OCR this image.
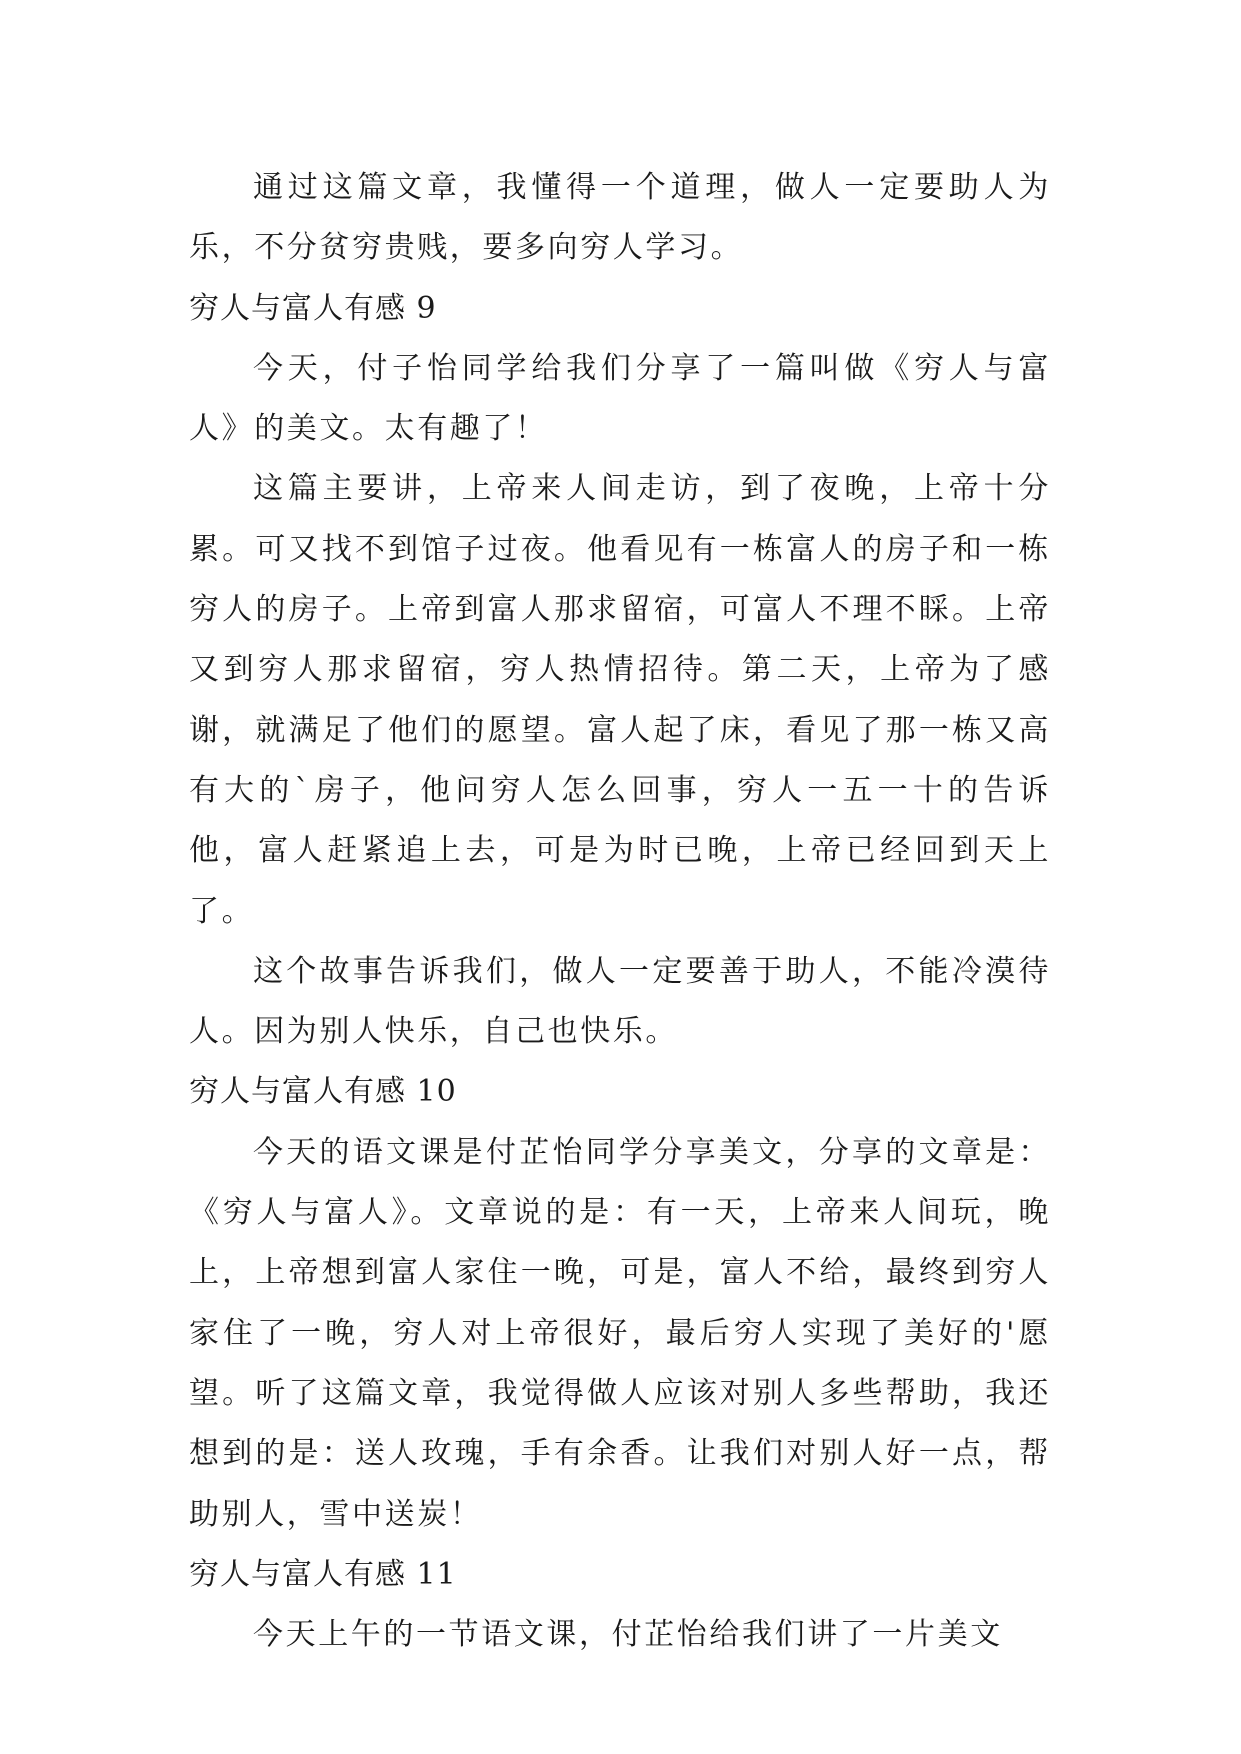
通过这篇文章，我懂得一个道理，做人一定要助人为乐，不分贫穷贵贱，要多向穷人学习。

穷人与富人有感 9

今天，付子怡同学给我们分享了一篇叫做《穷人与富人》的美文。太有趣了！

这篇主要讲，上帝来人间走访，到了夜晚，上帝十分累。可又找不到馆子过夜。他看见有一栋富人的房子和一栋穷人的房子。上帝到富人那求留宿，可富人不理不睬。上帝又到穷人那求留宿，穷人热情招待。第二天，上帝为了感谢，就满足了他们的愿望。富人起了床，看见了那一栋又高有大的`房子，他问穷人怎么回事，穷人一五一十的告诉他，富人赶紧追上去，可是为时已晚，上帝已经回到天上了。

这个故事告诉我们，做人一定要善于助人，不能冷漠待人。因为别人快乐，自己也快乐。

穷人与富人有感 10

今天的语文课是付芷怡同学分享美文，分享的文章是：《穷人与富人》。文章说的是：有一天，上帝来人间玩，晚上，上帝想到富人家住一晚，可是，富人不给，最终到穷人家住了一晚，穷人对上帝很好，最后穷人实现了美好的'愿望。听了这篇文章，我觉得做人应该对别人多些帮助，我还想到的是：送人玫瑰，手有余香。让我们对别人好一点，帮助别人，雪中送炭！

穷人与富人有感 11

今天上午的一节语文课，付芷怡给我们讲了一片美文
